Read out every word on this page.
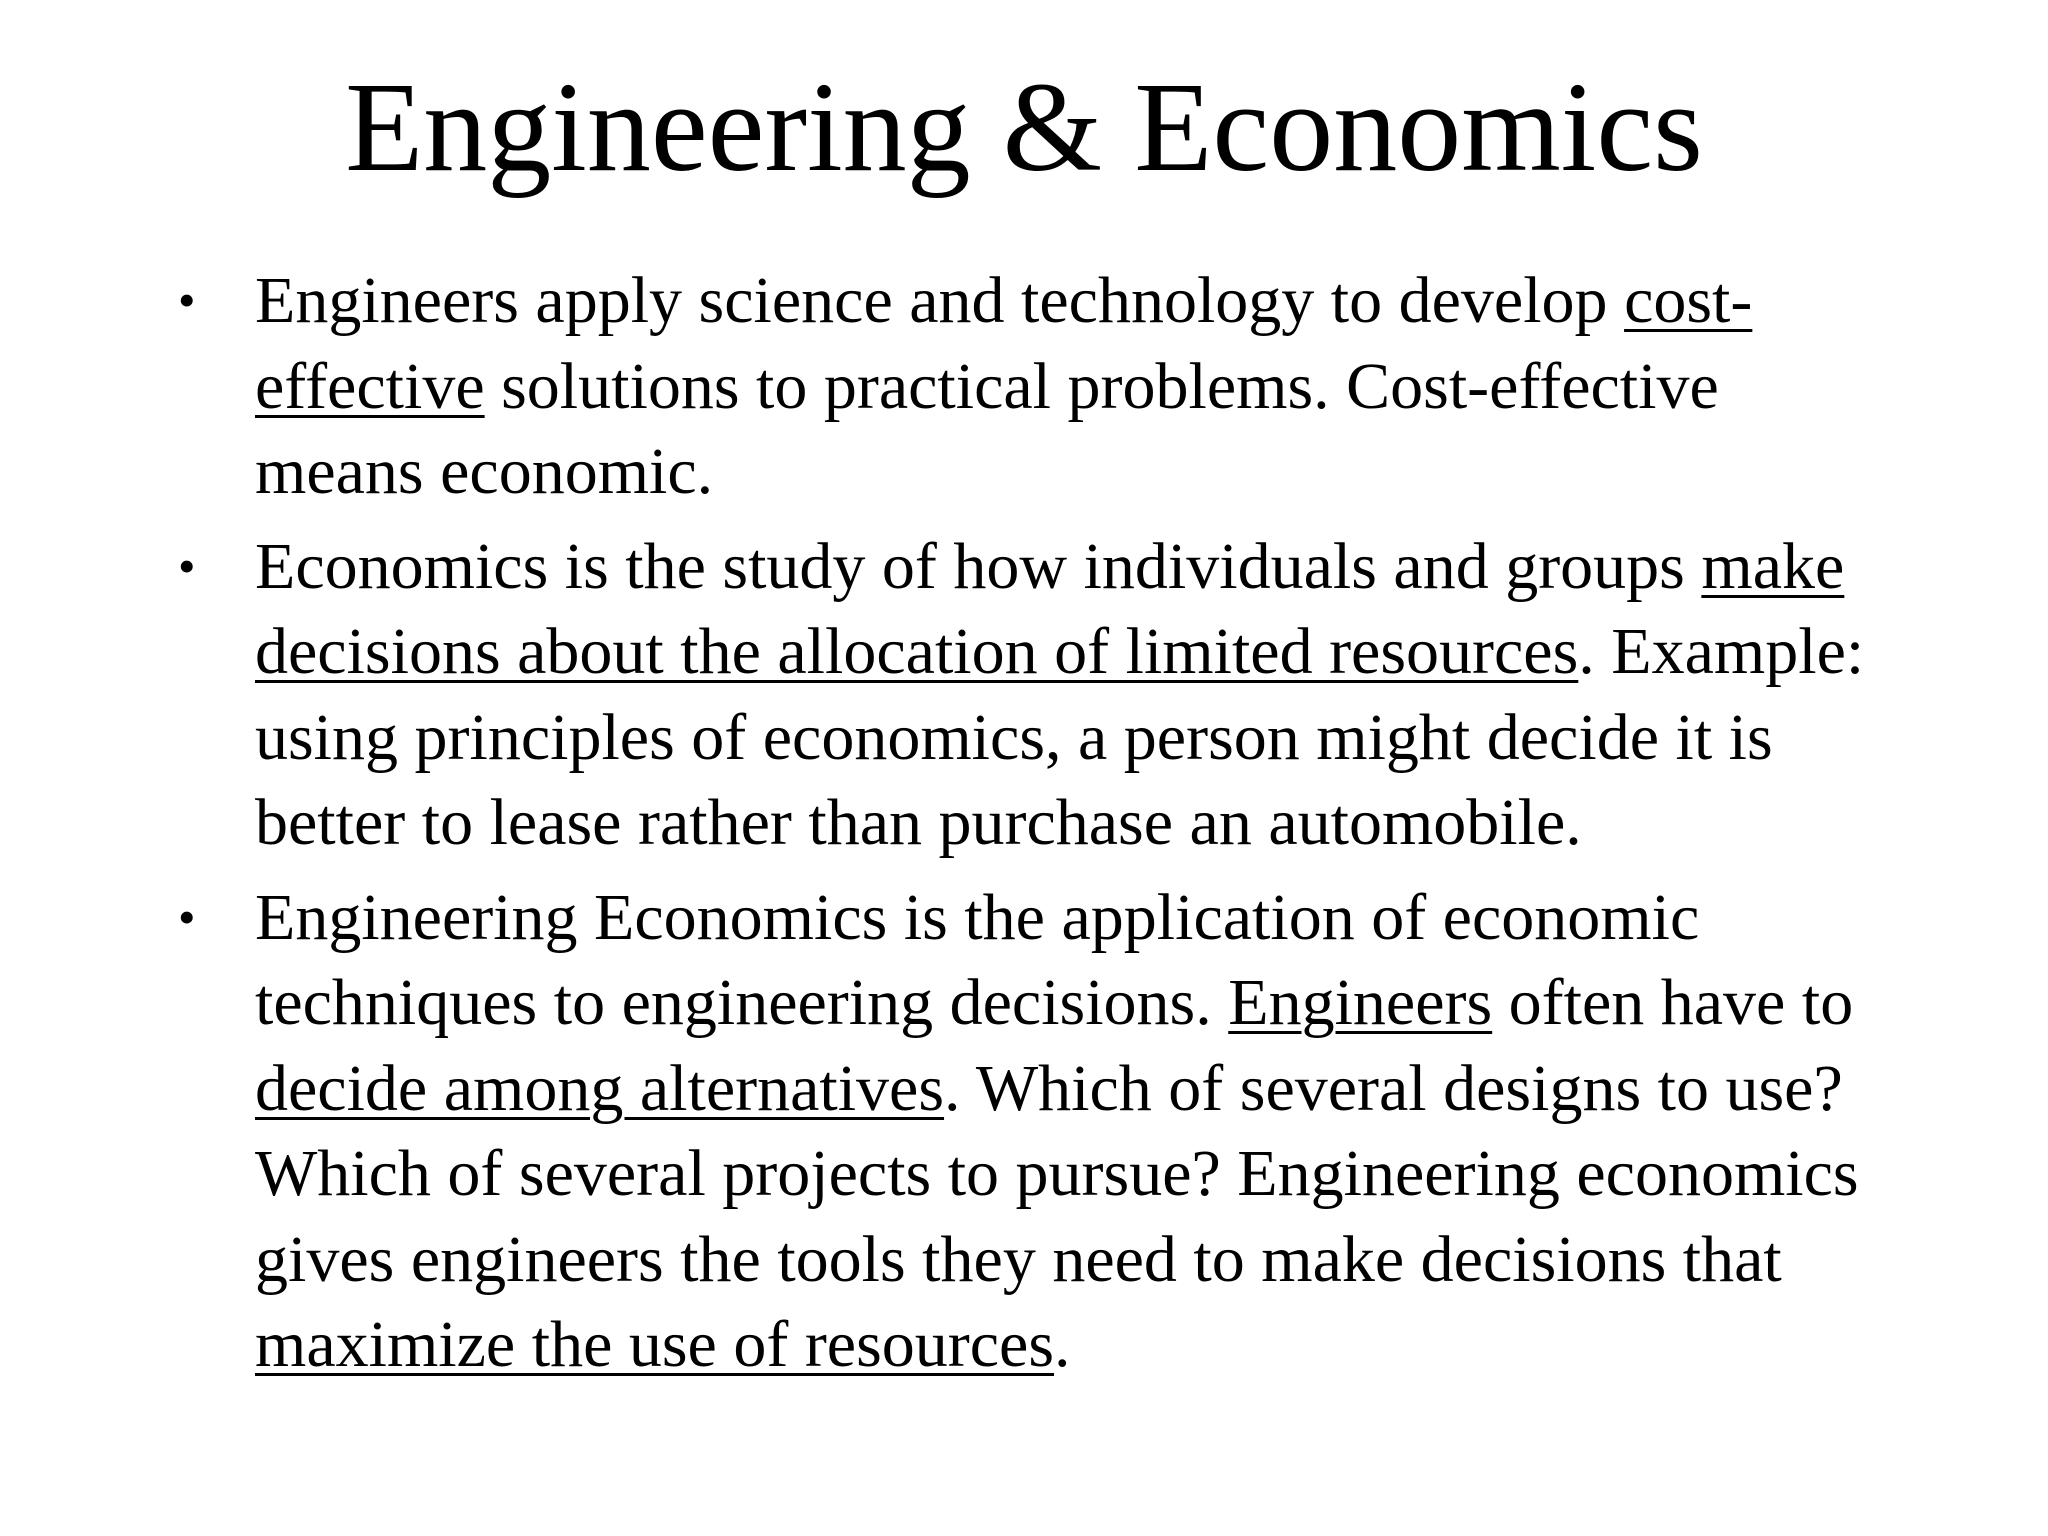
Engineering & Economics
• Engineers apply science and technology to develop cost-effective solutions to practical problems. Cost-effective means economic.
• Economics is the study of how individuals and groups make decisions about the allocation of limited resources. Example: using principles of economics, a person might decide it is better to lease rather than purchase an automobile.
• Engineering Economics is the application of economic techniques to engineering decisions. Engineers often have to decide among alternatives. Which of several designs to use? Which of several projects to pursue? Engineering economics gives engineers the tools they need to make decisions that maximize the use of resources.
